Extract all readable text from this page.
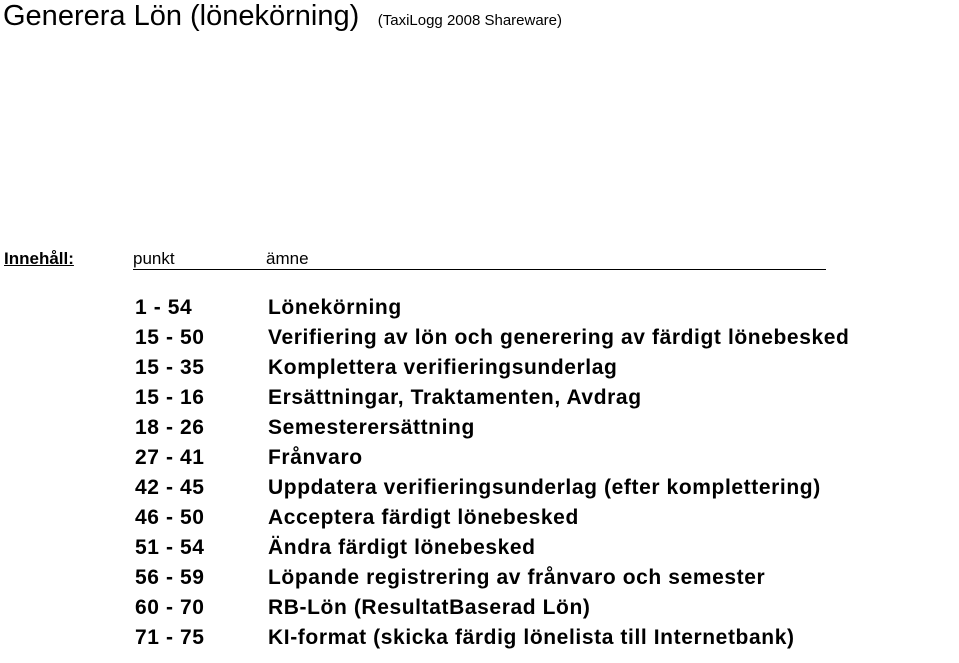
Generera Lön (lönekörning) (TaxiLogg 2008 Shareware)
Innehåll:	punkt	ämne
1 - 54	Lönekörning
15 - 50	Verifiering av lön och generering av färdigt lönebesked
15 - 35	Komplettera verifieringsunderlag
15 - 16	Ersättningar, Traktamenten, Avdrag
18 - 26	Semesterersättning
27 - 41	Frånvaro
42 - 45	Uppdatera verifieringsunderlag (efter komplettering)
46 - 50	Acceptera färdigt lönebesked
51 - 54	Ändra färdigt lönebesked
56 - 59	Löpande registrering av frånvaro och semester
60 - 70	RB-Lön (ResultatBaserad Lön)
71 - 75	KI-format (skicka färdig lönelista till Internetbank)
